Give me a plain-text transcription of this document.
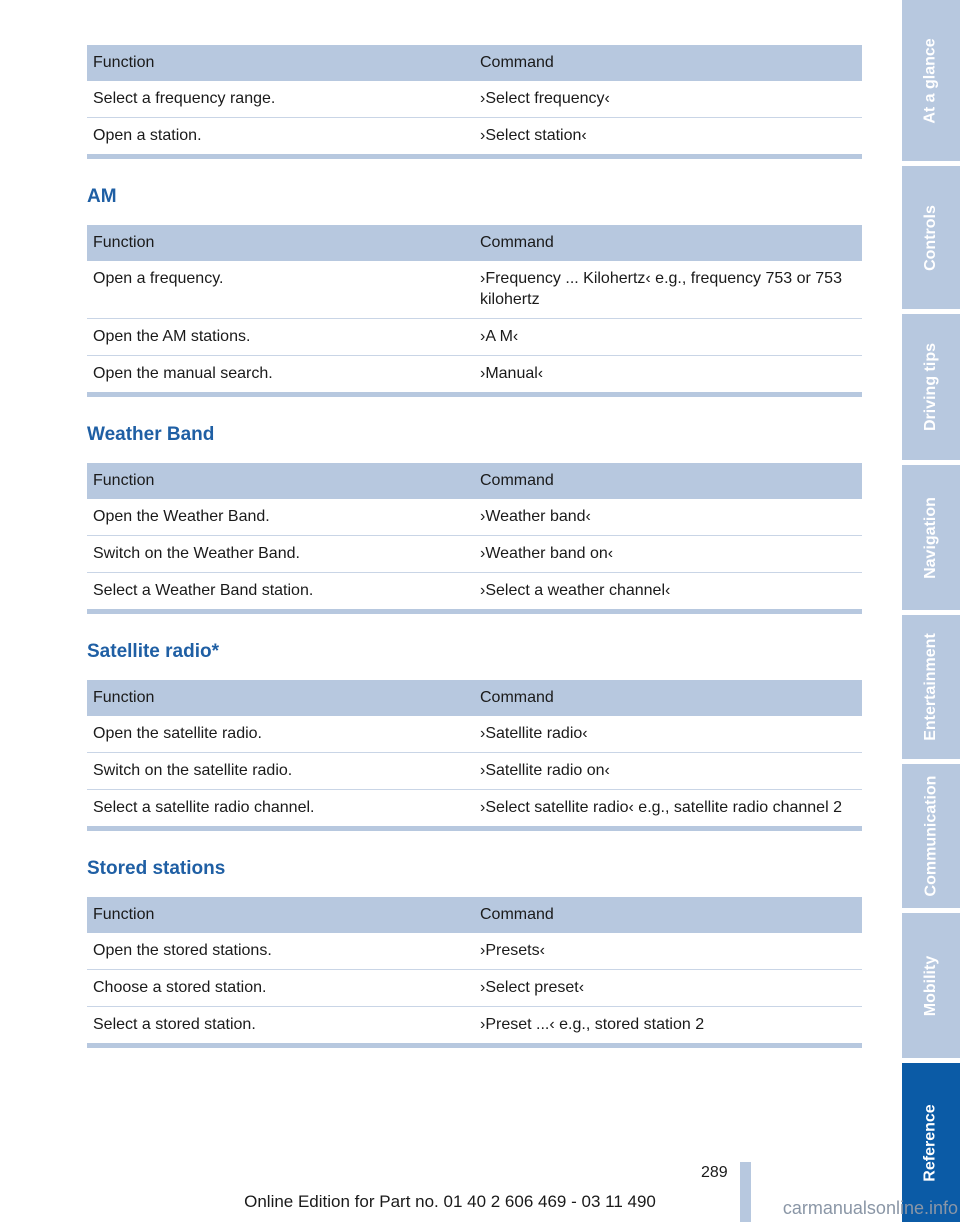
Function	Command
Select a frequency range.	›Select frequency‹
Open a station.	›Select station‹
AM
Function	Command
Open a frequency.	›Frequency ... Kilohertz‹ e.g., frequency 753 or 753 kilohertz
Open the AM stations.	›A M‹
Open the manual search.	›Manual‹
Weather Band
Function	Command
Open the Weather Band.	›Weather band‹
Switch on the Weather Band.	›Weather band on‹
Select a Weather Band station.	›Select a weather channel‹
Satellite radio*
Function	Command
Open the satellite radio.	›Satellite radio‹
Switch on the satellite radio.	›Satellite radio on‹
Select a satellite radio channel.	›Select satellite radio‹ e.g., satellite radio channel 2
Stored stations
Function	Command
Open the stored stations.	›Presets‹
Choose a stored station.	›Select preset‹
Select a stored station.	›Preset ...‹ e.g., stored station 2
At a glance
Controls
Driving tips
Navigation
Entertainment
Communication
Mobility
Reference
289
Online Edition for Part no. 01 40 2 606 469 - 03 11 490	carmanualsonline.info
